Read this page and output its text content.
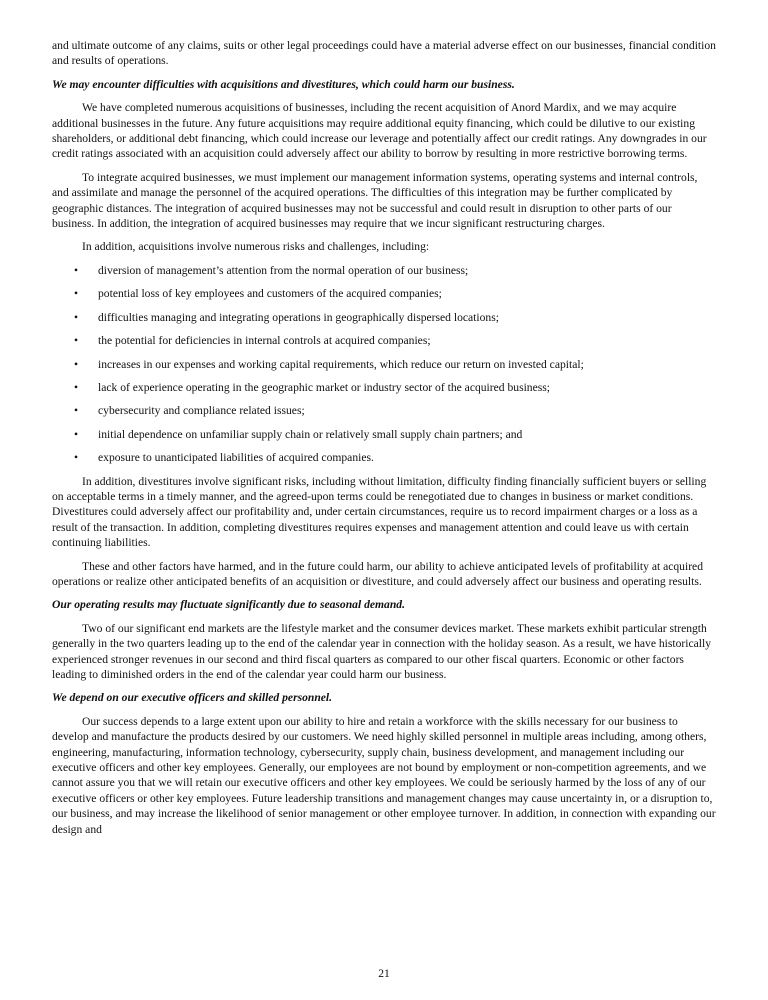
and ultimate outcome of any claims, suits or other legal proceedings could have a material adverse effect on our businesses, financial condition and results of operations.

We may encounter difficulties with acquisitions and divestitures, which could harm our business.

We have completed numerous acquisitions of businesses, including the recent acquisition of Anord Mardix, and we may acquire additional businesses in the future. Any future acquisitions may require additional equity financing, which could be dilutive to our existing shareholders, or additional debt financing, which could increase our leverage and potentially affect our credit ratings. Any downgrades in our credit ratings associated with an acquisition could adversely affect our ability to borrow by resulting in more restrictive borrowing terms.

To integrate acquired businesses, we must implement our management information systems, operating systems and internal controls, and assimilate and manage the personnel of the acquired operations. The difficulties of this integration may be further complicated by geographic distances. The integration of acquired businesses may not be successful and could result in disruption to other parts of our business. In addition, the integration of acquired businesses may require that we incur significant restructuring charges.

In addition, acquisitions involve numerous risks and challenges, including:

• diversion of management’s attention from the normal operation of our business;
• potential loss of key employees and customers of the acquired companies;
• difficulties managing and integrating operations in geographically dispersed locations;
• the potential for deficiencies in internal controls at acquired companies;
• increases in our expenses and working capital requirements, which reduce our return on invested capital;
• lack of experience operating in the geographic market or industry sector of the acquired business;
• cybersecurity and compliance related issues;
• initial dependence on unfamiliar supply chain or relatively small supply chain partners; and
• exposure to unanticipated liabilities of acquired companies.

In addition, divestitures involve significant risks, including without limitation, difficulty finding financially sufficient buyers or selling on acceptable terms in a timely manner, and the agreed-upon terms could be renegotiated due to changes in business or market conditions. Divestitures could adversely affect our profitability and, under certain circumstances, require us to record impairment charges or a loss as a result of the transaction. In addition, completing divestitures requires expenses and management attention and could leave us with certain continuing liabilities.

These and other factors have harmed, and in the future could harm, our ability to achieve anticipated levels of profitability at acquired operations or realize other anticipated benefits of an acquisition or divestiture, and could adversely affect our business and operating results.

Our operating results may fluctuate significantly due to seasonal demand.

Two of our significant end markets are the lifestyle market and the consumer devices market. These markets exhibit particular strength generally in the two quarters leading up to the end of the calendar year in connection with the holiday season. As a result, we have historically experienced stronger revenues in our second and third fiscal quarters as compared to our other fiscal quarters. Economic or other factors leading to diminished orders in the end of the calendar year could harm our business.

We depend on our executive officers and skilled personnel.

Our success depends to a large extent upon our ability to hire and retain a workforce with the skills necessary for our business to develop and manufacture the products desired by our customers. We need highly skilled personnel in multiple areas including, among others, engineering, manufacturing, information technology, cybersecurity, supply chain, business development, and management including our executive officers and other key employees. Generally, our employees are not bound by employment or non-competition agreements, and we cannot assure you that we will retain our executive officers and other key employees. We could be seriously harmed by the loss of any of our executive officers or other key employees. Future leadership transitions and management changes may cause uncertainty in, or a disruption to, our business, and may increase the likelihood of senior management or other employee turnover. In addition, in connection with expanding our design and

21
